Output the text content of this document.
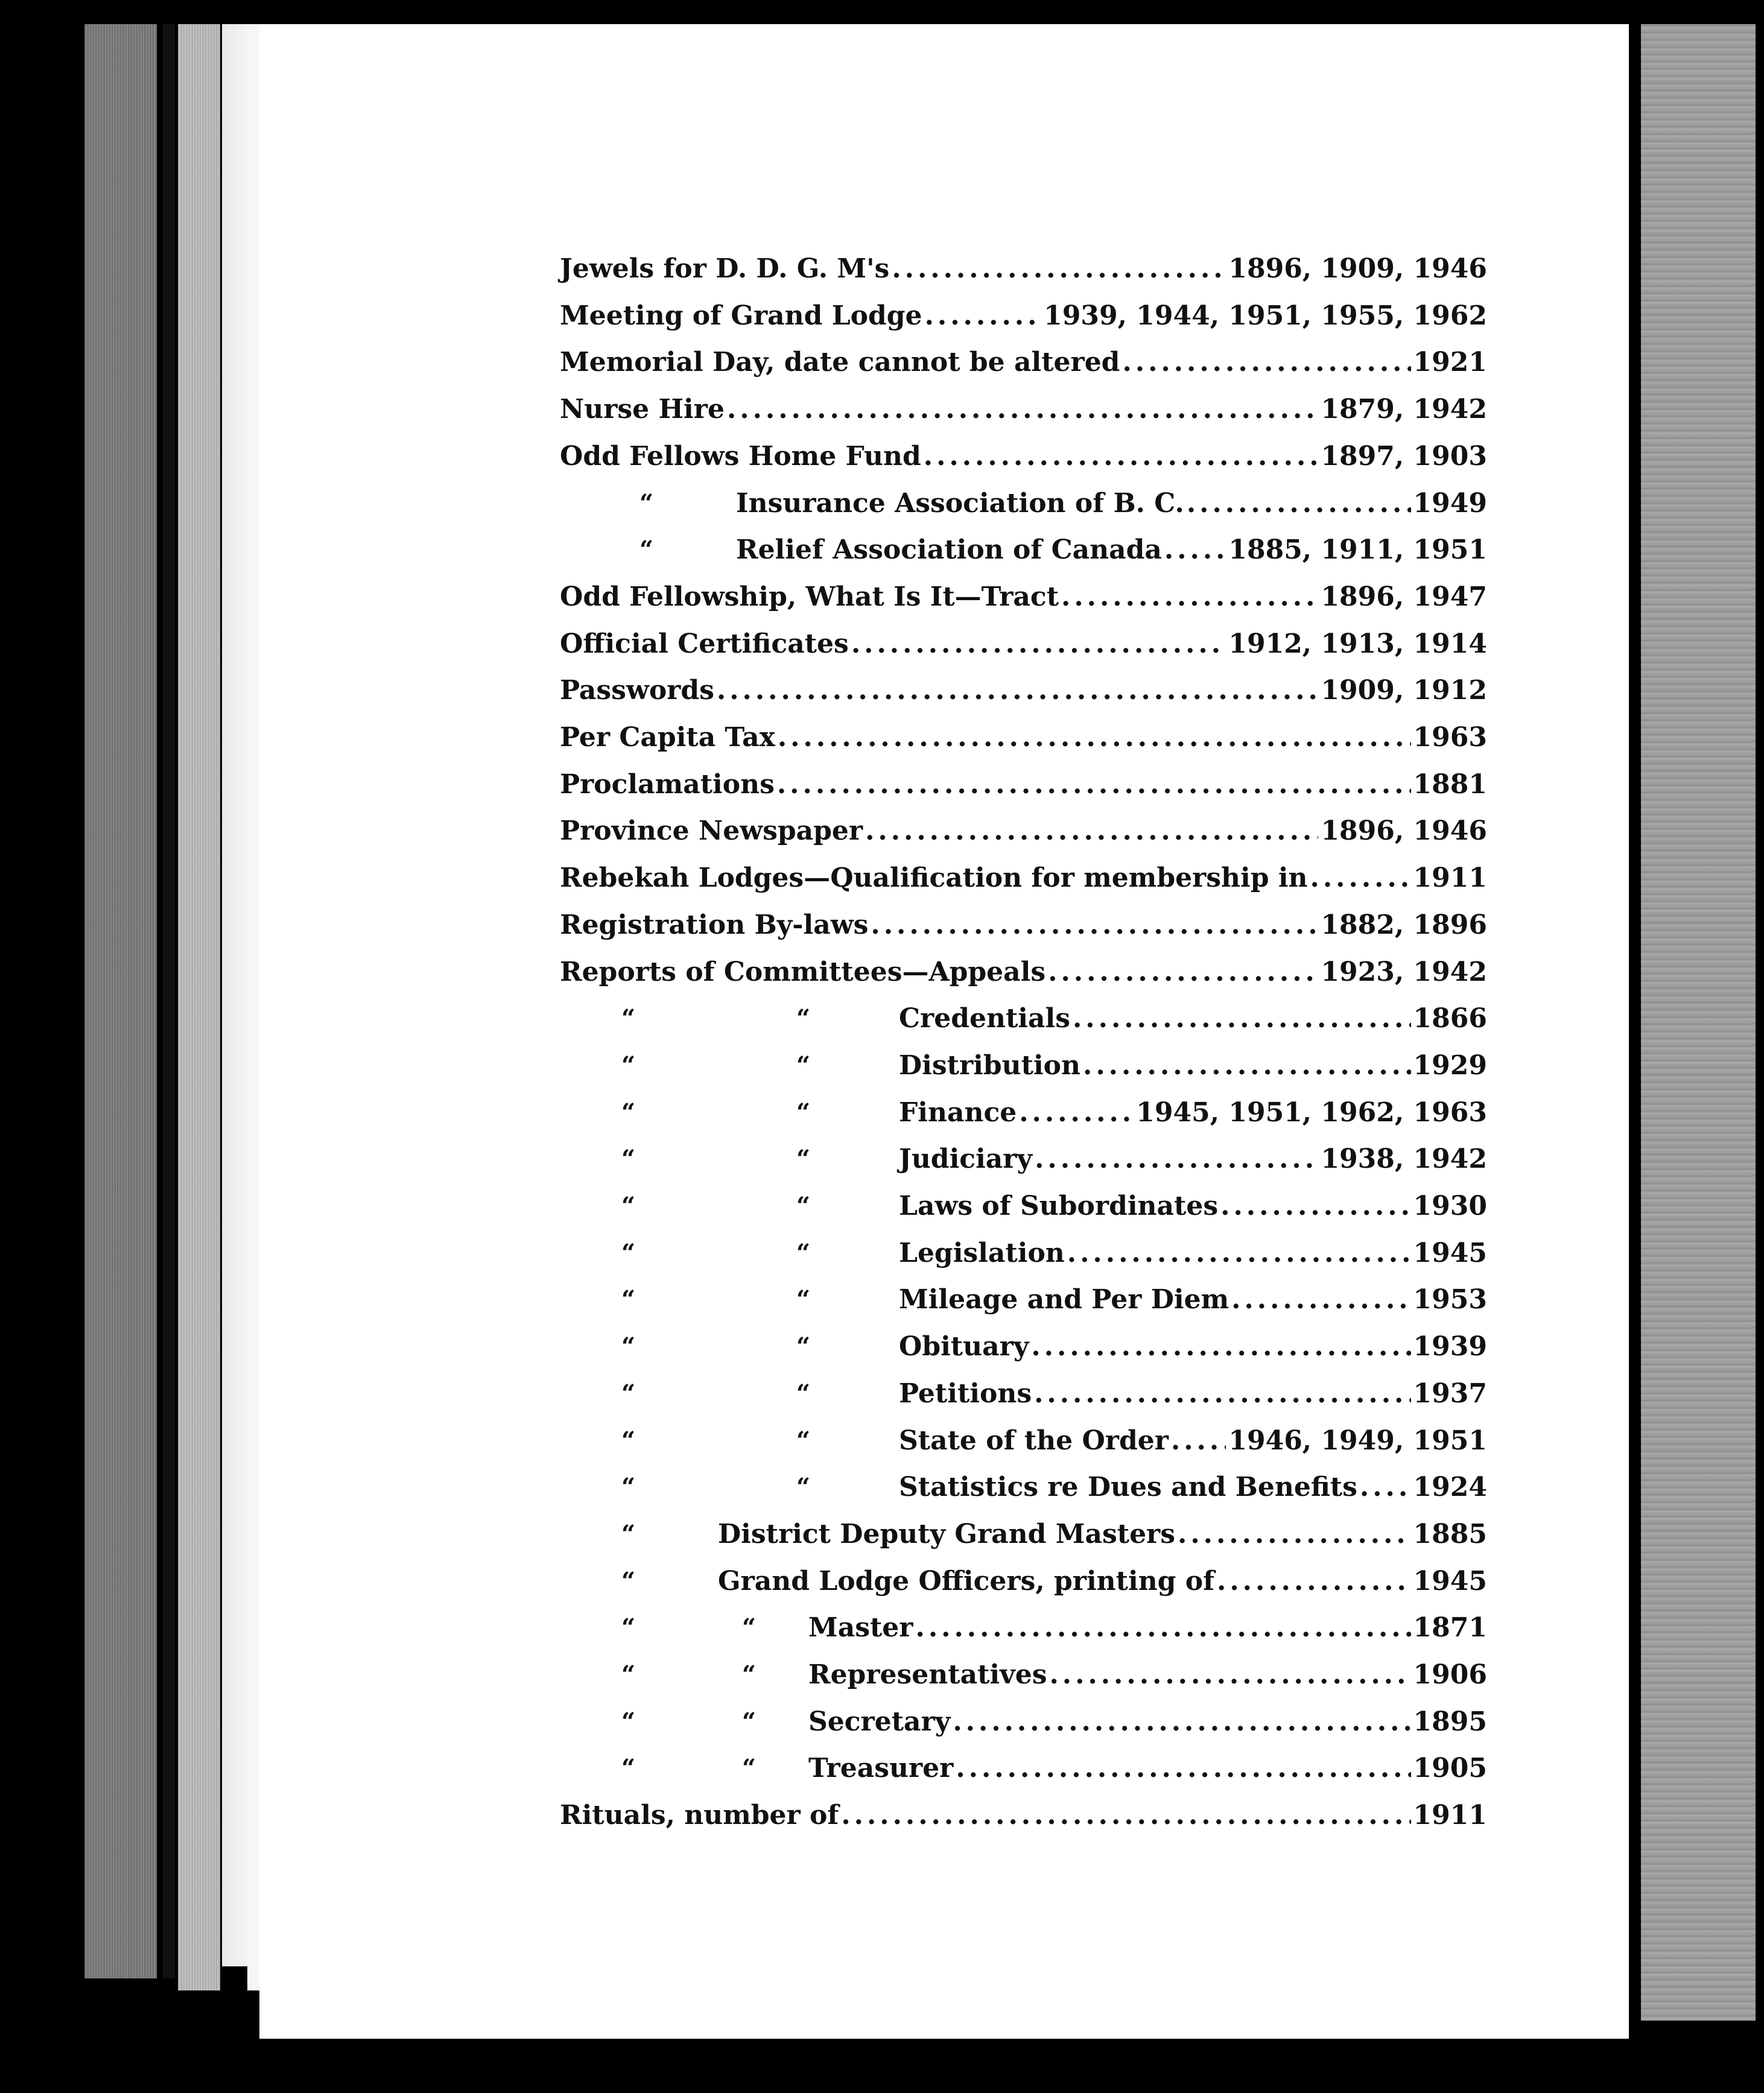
Jewels for D. D. G. M's .....	1896, 1909, 1946
Meeting of Grand Lodge .....	1939, 1944, 1951, 1955, 1962
Memorial Day, date cannot be altered .....	1921
Nurse Hire .....	1879, 1942
Odd Fellows Home Fund .....	1897, 1903
“	Insurance Association of B. C. .....	1949
“	Relief Association of Canada .....	1885, 1911, 1951
Odd Fellowship, What Is It—Tract .....	1896, 1947
Official Certificates .....	1912, 1913, 1914
Passwords .....	1909, 1912
Per Capita Tax .....	1963
Proclamations .....	1881
Province Newspaper .....	1896, 1946
Rebekah Lodges—Qualification for membership in .....	1911
Registration By-laws .....	1882, 1896
Reports of Committees—Appeals .....	1923, 1942
“	“	Credentials .....	1866
“	“	Distribution .....	1929
“	“	Finance .....	1945, 1951, 1962, 1963
“	“	Judiciary .....	1938, 1942
“	“	Laws of Subordinates .....	1930
“	“	Legislation .....	1945
“	“	Mileage and Per Diem .....	1953
“	“	Obituary .....	1939
“	“	Petitions .....	1937
“	“	State of the Order ..... 1946, 1949, 1951
“	“	Statistics re Dues and Benefits ..... 1924
“	District Deputy Grand Masters .....	1885
“	Grand Lodge Officers, printing of .....	1945
“	“ Master .....	1871
“	“ Representatives .....	1906
“	“ Secretary .....	1895
“	“ Treasurer .....	1905
Rituals, number of .....	1911
